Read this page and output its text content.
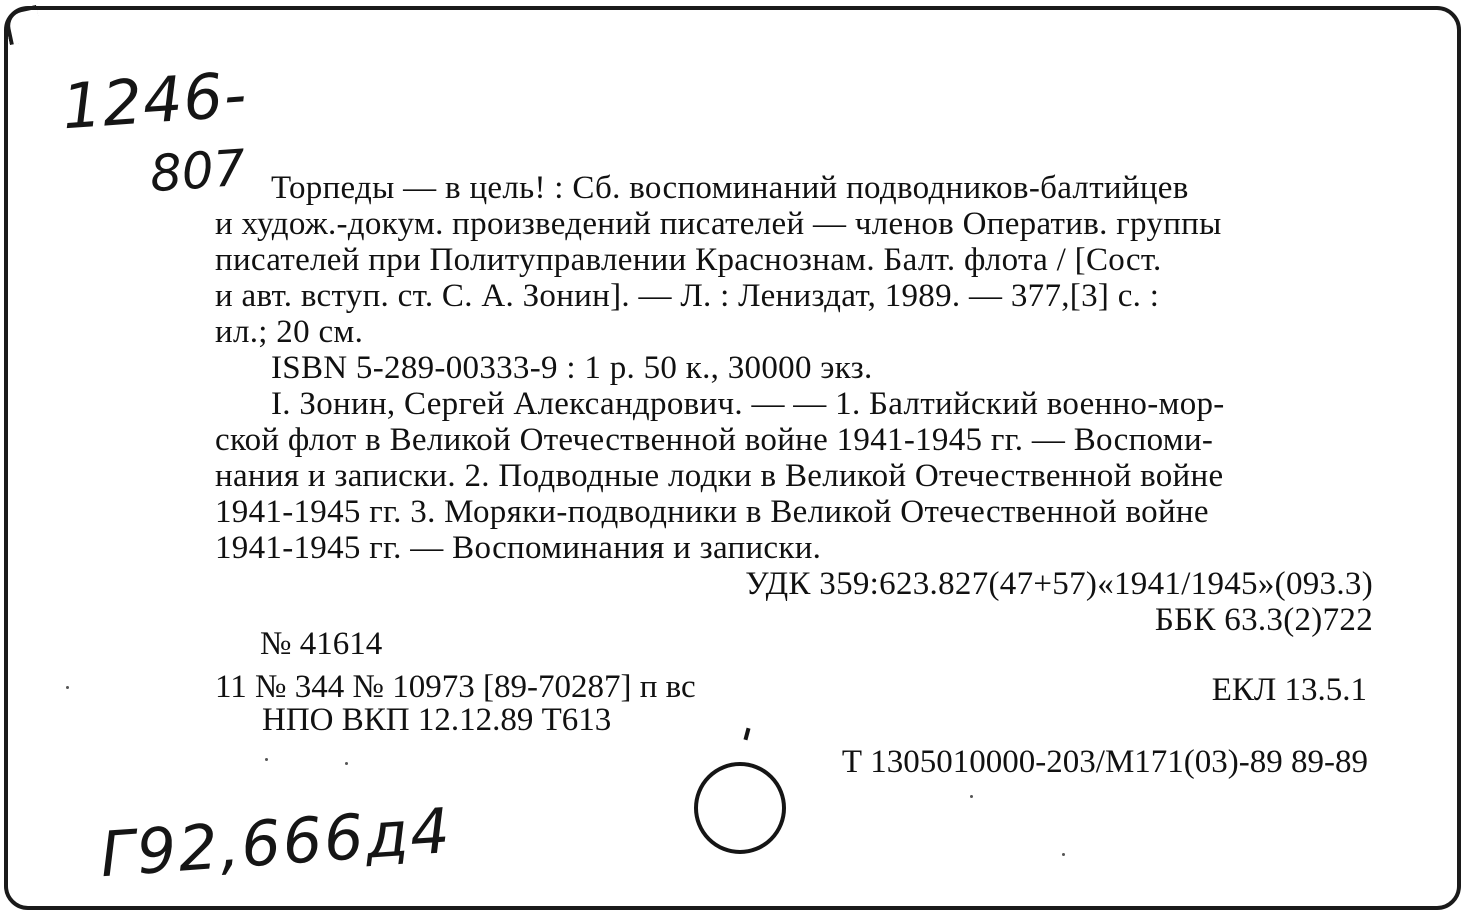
1246-
807 Торпеды — в цель! : Сб. воспоминаний подводников-балтийцев
и худож.-докум. произведений писателей — членов Оператив. группы
писателей при Политуправлении Краснознам. Балт. флота / [Сост.
и авт. вступ. ст. С. А. Зонин]. — Л. : Лениздат, 1989. — 377,[3] с. :
ил.; 20 см.

ISBN 5-289-00333-9 : 1 р. 50 к., 30000 экз.

I. Зонин, Сергей Александрович. — — 1. Балтийский военно-мор-
ской флот в Великой Отечественной войне 1941-1945 гг. — Воспоми-
нания и записки. 2. Подводные лодки в Великой Отечественной войне
1941-1945 гг. 3. Моряки-подводники в Великой Отечественной войне
1941-1945 гг. — Воспоминания и записки.

УДК 359:623.827(47+57)«1941/1945»(093.3)

ББК 63.3(2)722

№ 41614
11 № 344 № 10973 [89-70287] п вс
НПО ВКП 12.12.89 Т613
ЕКЛ 13.5.1
Т 1305010000-203/М171(03)-89 89-89
Г92,666д4
